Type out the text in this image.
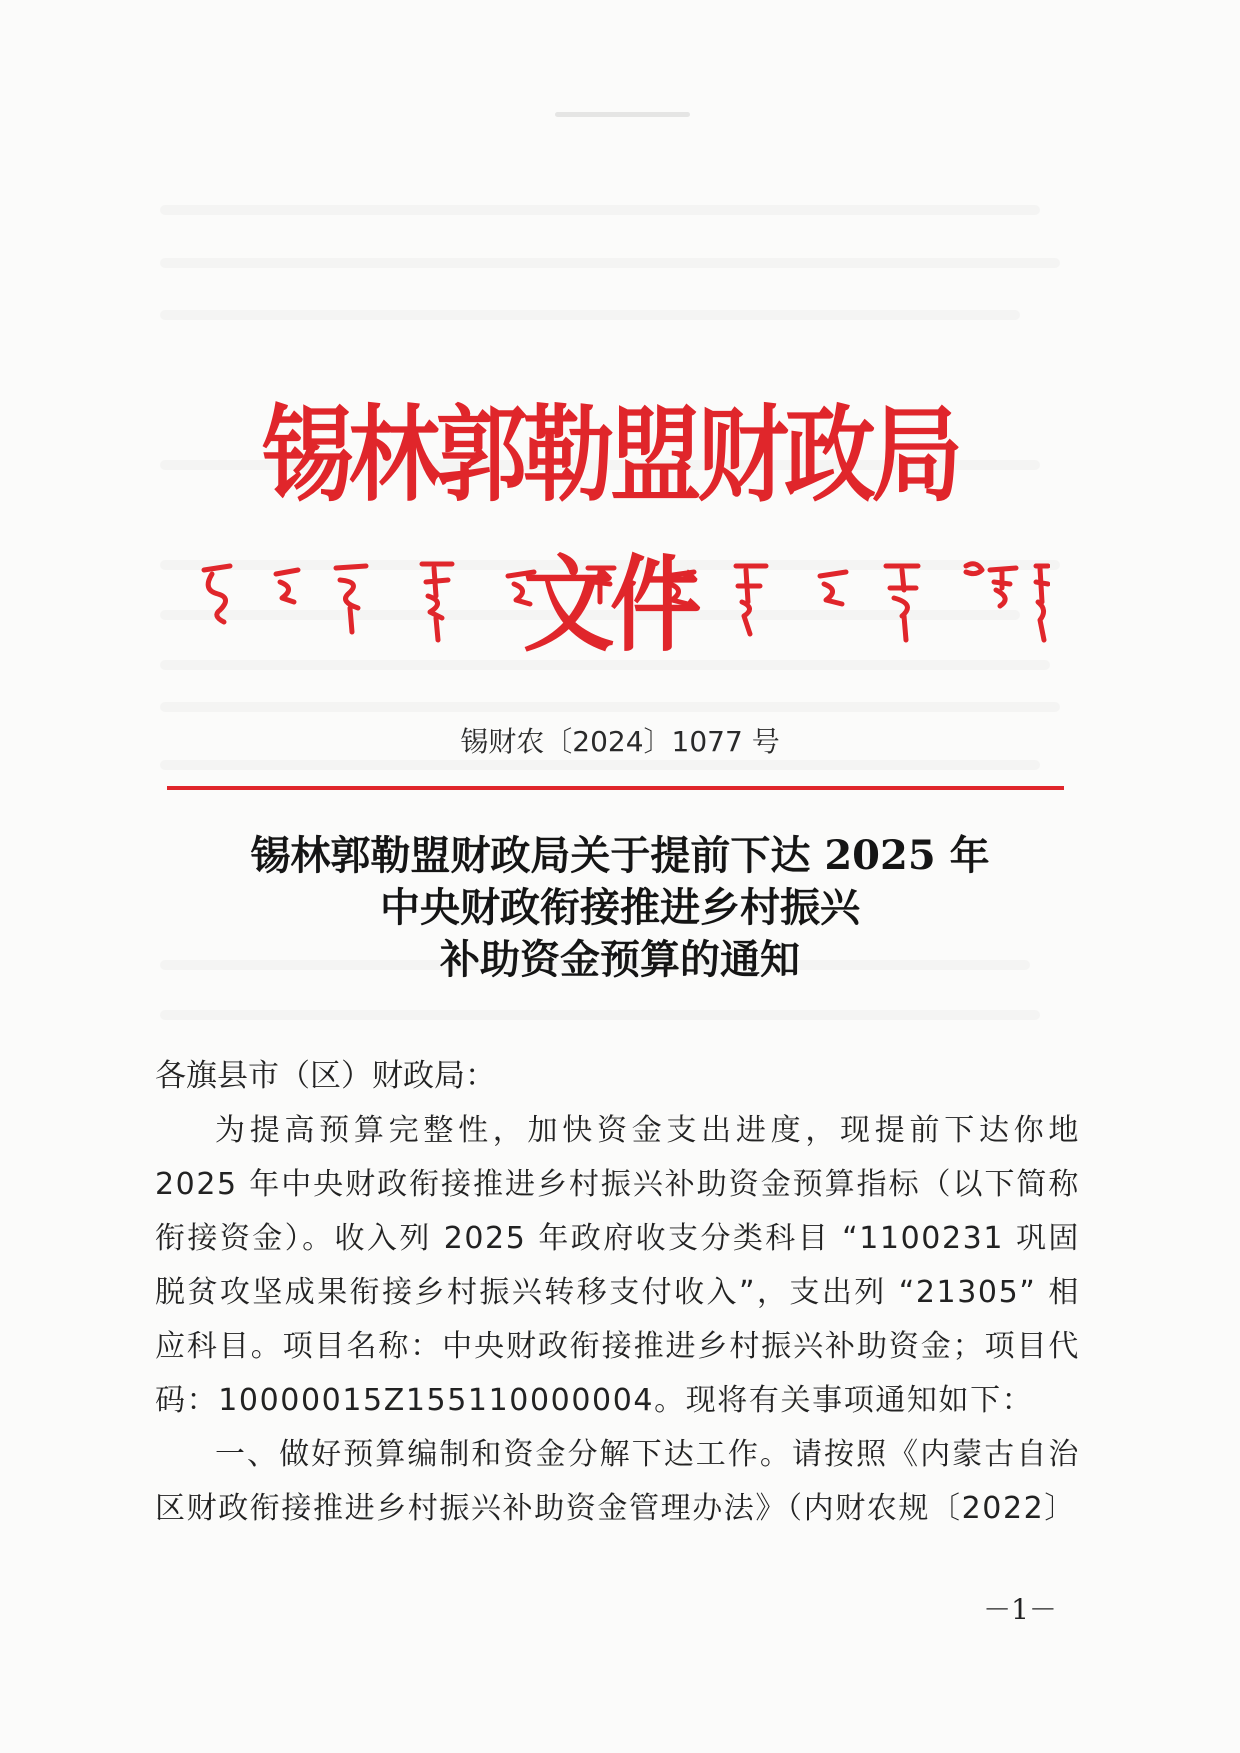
锡林郭勒盟财政局文件
锡财农〔2024〕1077 号
锡林郭勒盟财政局关于提前下达 2025 年
中央财政衔接推进乡村振兴
补助资金预算的通知
各旗县市（区）财政局：

为提高预算完整性，加快资金支出进度，现提前下达你地2025 年中央财政衔接推进乡村振兴补助资金预算指标（以下简称衔接资金）。收入列 2025 年政府收支分类科目 “1100231 巩固脱贫攻坚成果衔接乡村振兴转移支付收入”，支出列 “21305” 相应科目。项目名称：中央财政衔接推进乡村振兴补助资金；项目代码：10000015Z155110000004。现将有关事项通知如下：

一、做好预算编制和资金分解下达工作。请按照《内蒙古自治区财政衔接推进乡村振兴补助资金管理办法》（内财农规〔2022〕

－1－
